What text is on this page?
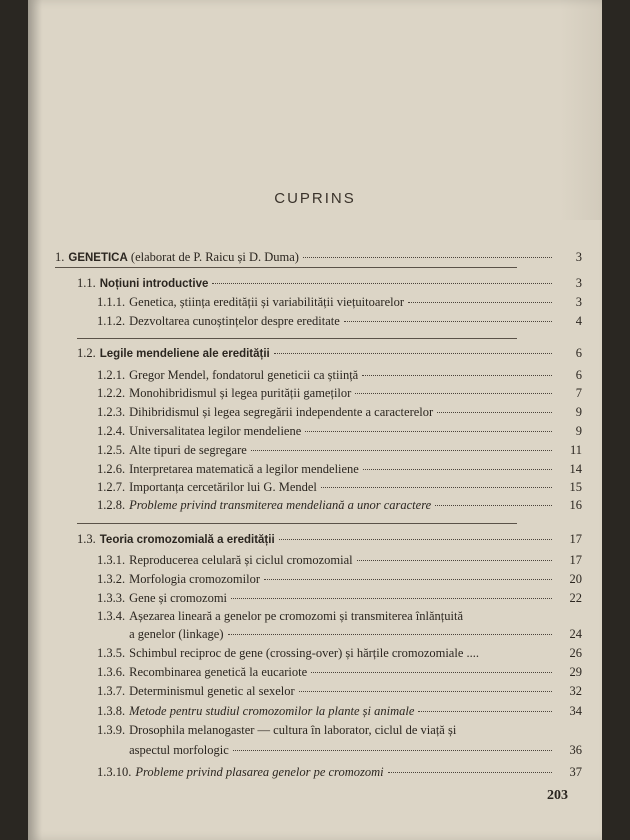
CUPRINS
1. GENETICA (elaborat de P. Raicu și D. Duma)	3
1.1. Noțiuni introductive	3
1.1.1. Genetica, știința eredității și variabilității viețuitoarelor	3
1.1.2. Dezvoltarea cunoștințelor despre ereditate	4
1.2. Legile mendeliene ale eredității	6
1.2.1. Gregor Mendel, fondatorul geneticii ca știință	6
1.2.2. Monohibridismul și legea purității gameților	7
1.2.3. Dihibridismul și legea segregării independente a caracterelor	9
1.2.4. Universalitatea legilor mendeliene	9
1.2.5. Alte tipuri de segregare	11
1.2.6. Interpretarea matematică a legilor mendeliene	14
1.2.7. Importanța cercetărilor lui G. Mendel	15
1.2.8. Probleme privind transmiterea mendeliană a unor caractere	16
1.3. Teoria cromozomială a eredității	17
1.3.1. Reproducerea celulară și ciclul cromozomial	17
1.3.2. Morfologia cromozomilor	20
1.3.3. Gene și cromozomi	22
1.3.4. Așezarea lineară a genelor pe cromozomi și transmiterea înlănțuită
a genelor (linkage)	24
1.3.5. Schimbul reciproc de gene (crossing-over) și hărțile cromozomiale ....	26
1.3.6. Recombinarea genetică la eucariote	29
1.3.7. Determinismul genetic al sexelor	32
1.3.8. Metode pentru studiul cromozomilor la plante și animale	34
1.3.9. Drosophila melanogaster — cultura în laborator, ciclul de viață și
aspectul morfologic	36
1.3.10. Probleme privind plasarea genelor pe cromozomi	37
203
